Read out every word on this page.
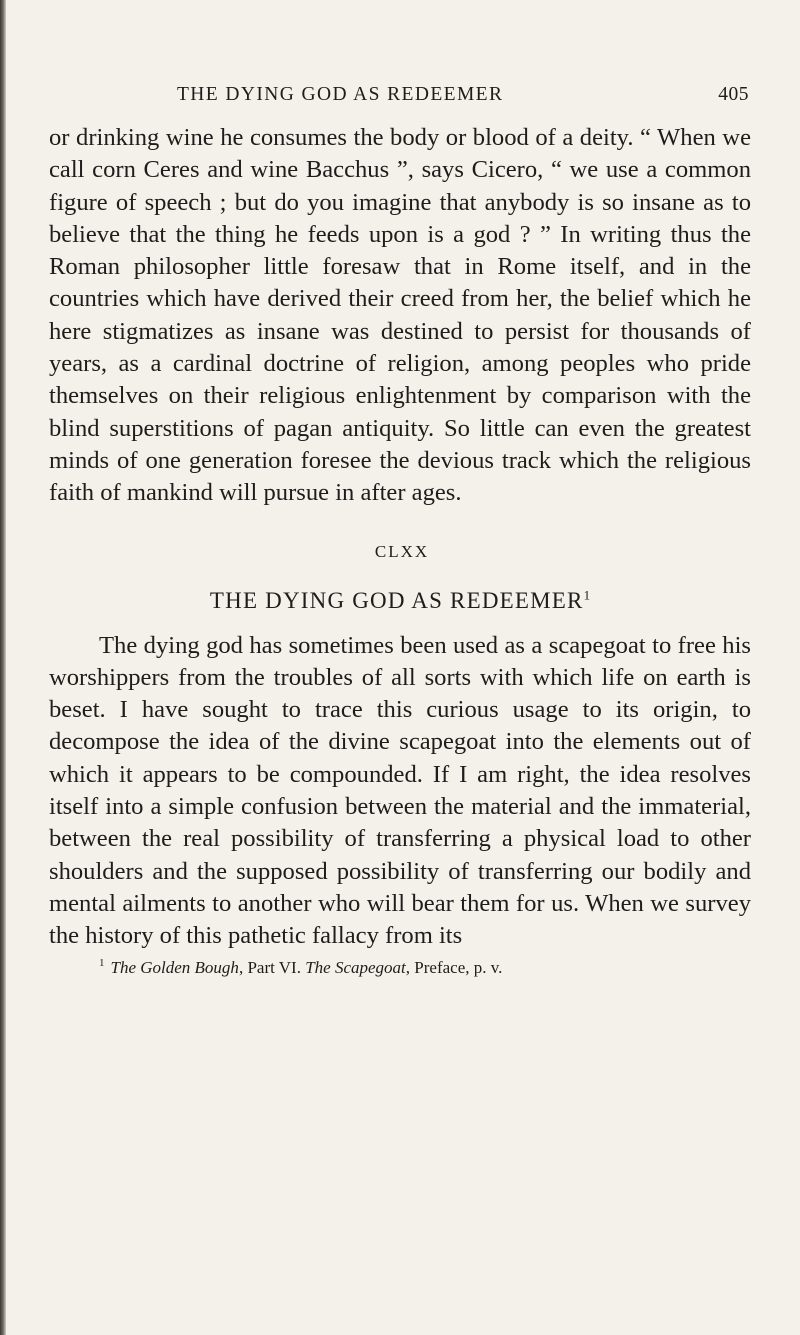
THE DYING GOD AS REDEEMER	405

or drinking wine he consumes the body or blood of a deity. “ When we call corn Ceres and wine Bacchus ”, says Cicero, “ we use a common figure of speech ; but do you imagine that anybody is so insane as to believe that the thing he feeds upon is a god ? ” In writing thus the Roman philosopher little foresaw that in Rome itself, and in the countries which have derived their creed from her, the belief which he here stigmatizes as insane was destined to persist for thousands of years, as a cardinal doctrine of religion, among peoples who pride themselves on their religious enlightenment by comparison with the blind superstitions of pagan antiquity. So little can even the greatest minds of one generation foresee the devious track which the religious faith of mankind will pursue in after ages.

CLXX
THE DYING GOD AS REDEEMER$^1$

The dying god has sometimes been used as a scapegoat to free his worshippers from the troubles of all sorts with which life on earth is beset. I have sought to trace this curious usage to its origin, to decompose the idea of the divine scapegoat into the elements out of which it appears to be compounded. If I am right, the idea resolves itself into a simple confusion between the material and the immaterial, between the real possibility of transferring a physical load to other shoulders and the supposed possibility of transferring our bodily and mental ailments to another who will bear them for us. When we survey the history of this pathetic fallacy from its

$^1$ The Golden Bough, Part VI. The Scapegoat, Preface, p. v.
